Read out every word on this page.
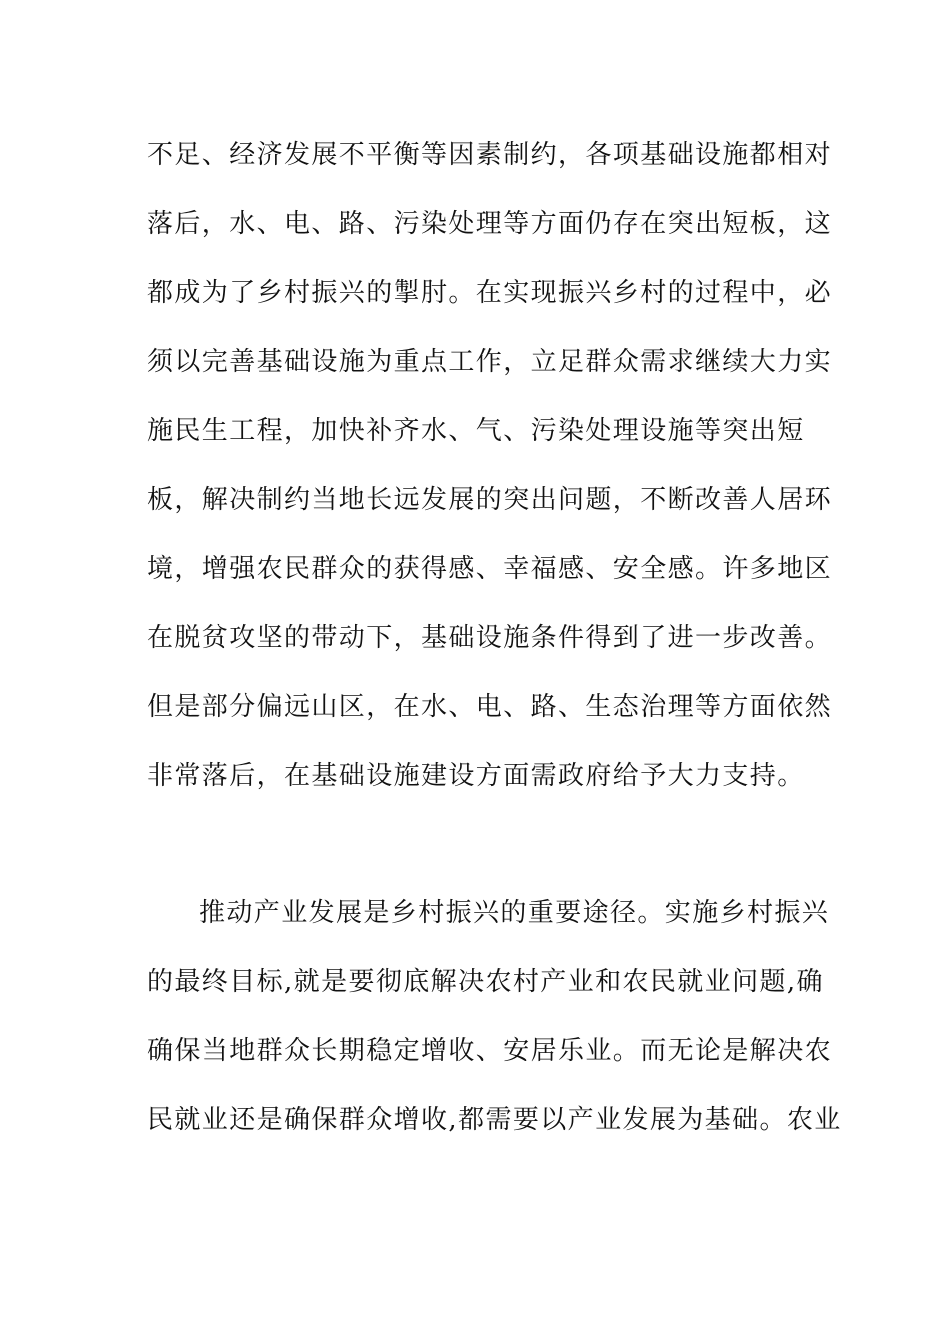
不足、经济发展不平衡等因素制约，各项基础设施都相对
落后，水、电、路、污染处理等方面仍存在突出短板，这
都成为了乡村振兴的掣肘。在实现振兴乡村的过程中，必
须以完善基础设施为重点工作，立足群众需求继续大力实
施民生工程，加快补齐水、气、污染处理设施等突出短
板，解决制约当地长远发展的突出问题，不断改善人居环
境，增强农民群众的获得感、幸福感、安全感。许多地区
在脱贫攻坚的带动下，基础设施条件得到了进一步改善。
但是部分偏远山区，在水、电、路、生态治理等方面依然
非常落后，在基础设施建设方面需政府给予大力支持。
推动产业发展是乡村振兴的重要途径。实施乡村振兴
的最终目标,就是要彻底解决农村产业和农民就业问题,确
确保当地群众长期稳定增收、安居乐业。而无论是解决农
民就业还是确保群众增收,都需要以产业发展为基础。农业
